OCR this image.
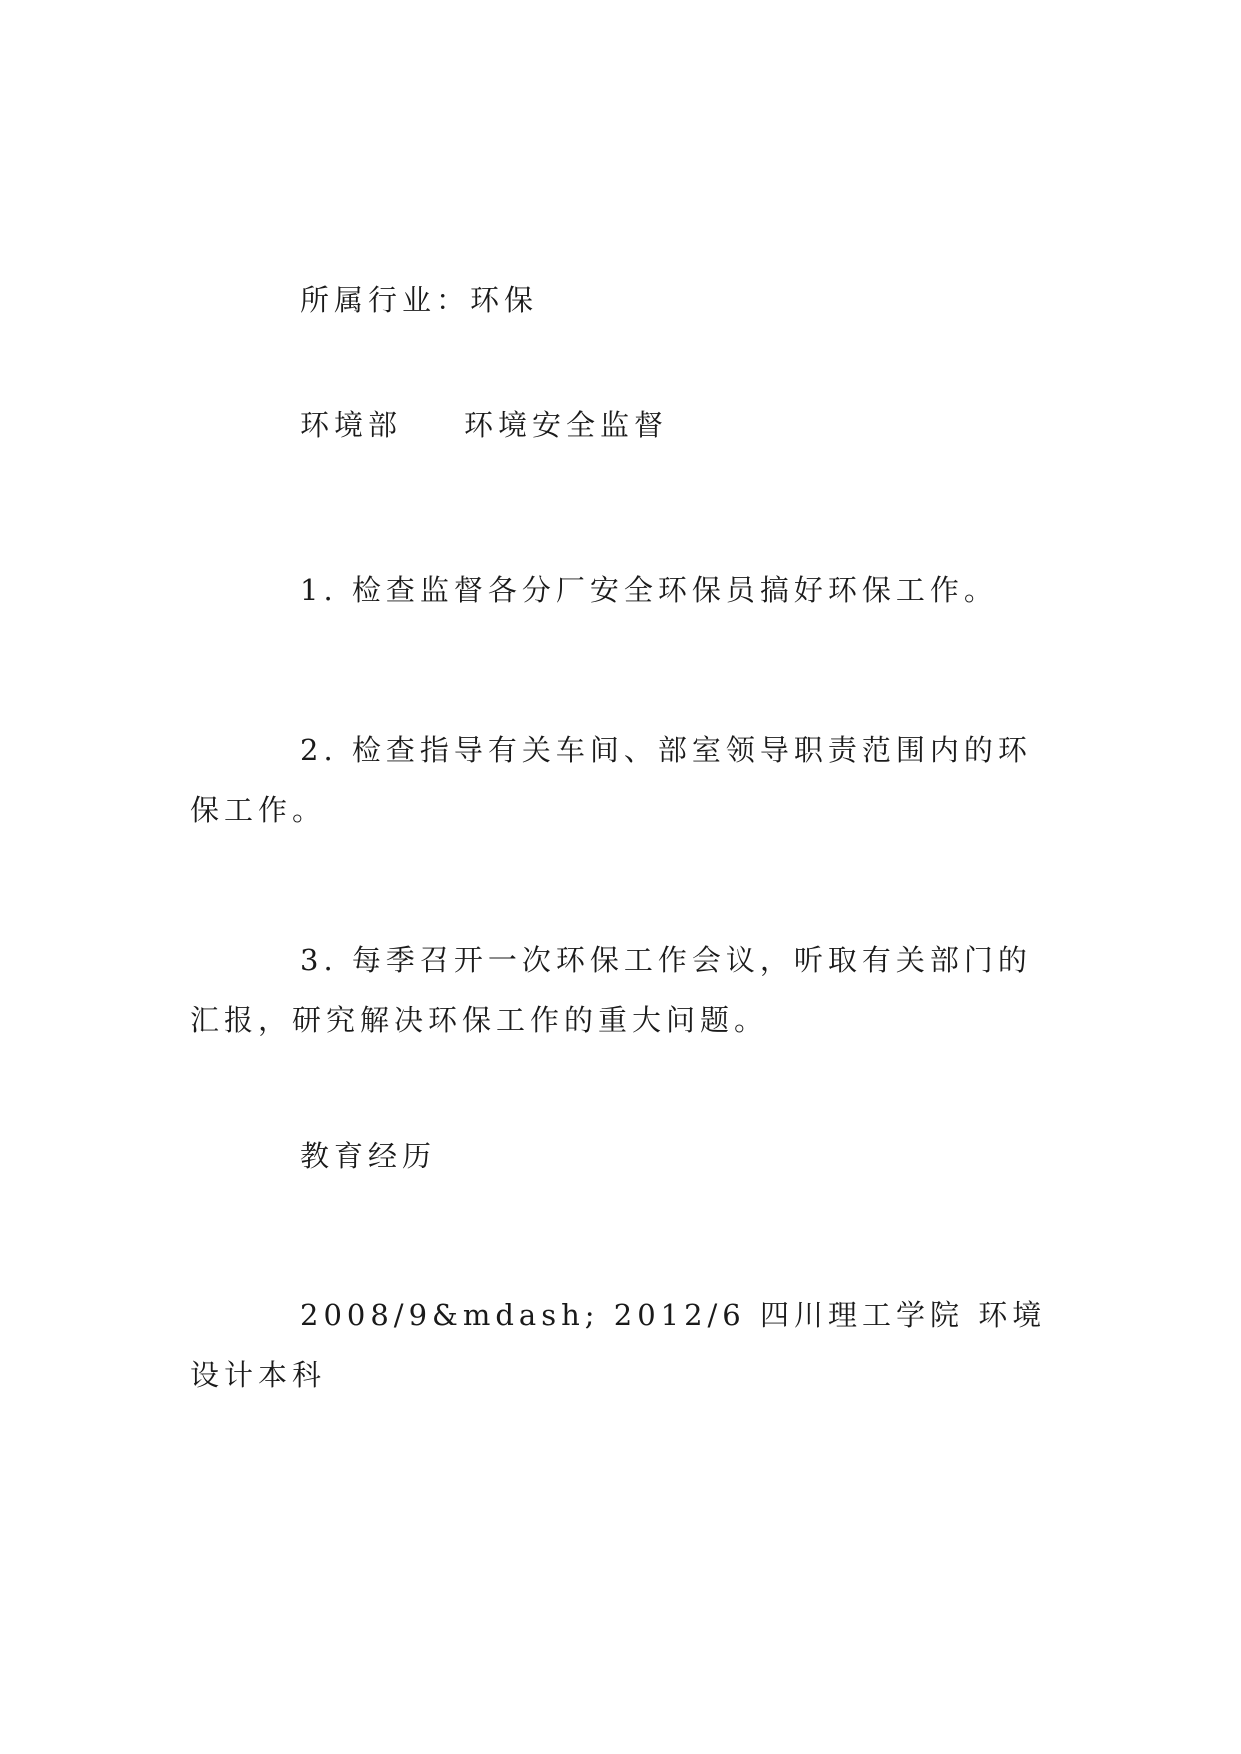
所属行业：环保

环境部 环境安全监督

1. 检查监督各分厂安全环保员搞好环保工作。

2. 检查指导有关车间、部室领导职责范围内的环保工作。

3. 每季召开一次环保工作会议，听取有关部门的汇报，研究解决环保工作的重大问题。

教育经历

2008/9&mdash; 2012/6 四川理工学院 环境设计本科
